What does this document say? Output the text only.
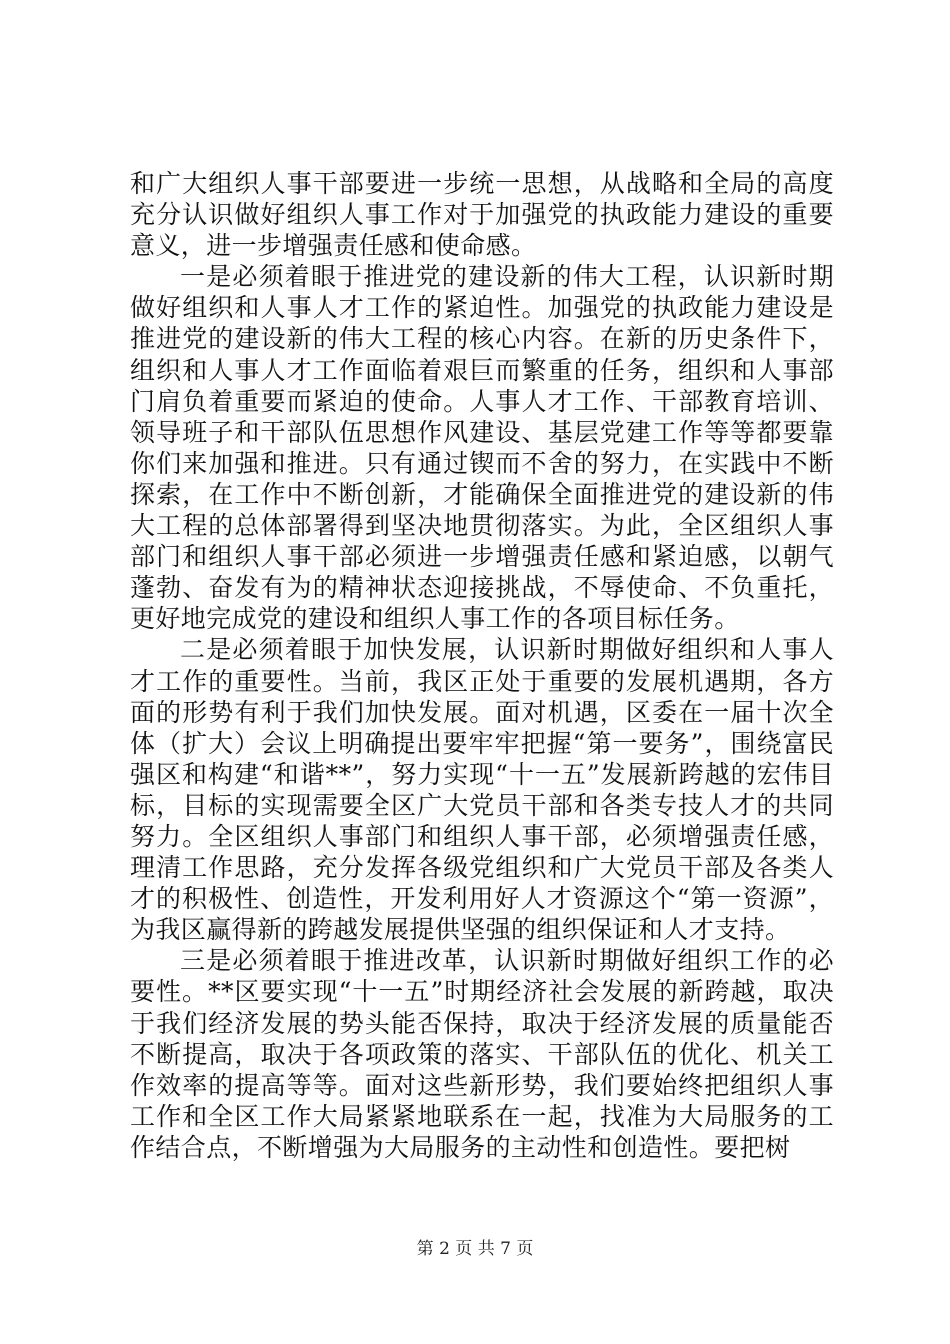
和广大组织人事干部要进一步统一思想，从战略和全局的高度充分认识做好组织人事工作对于加强党的执政能力建设的重要意义，进一步增强责任感和使命感。

一是必须着眼于推进党的建设新的伟大工程，认识新时期做好组织和人事人才工作的紧迫性。加强党的执政能力建设是推进党的建设新的伟大工程的核心内容。在新的历史条件下，组织和人事人才工作面临着艰巨而繁重的任务，组织和人事部门肩负着重要而紧迫的使命。人事人才工作、干部教育培训、领导班子和干部队伍思想作风建设、基层党建工作等等都要靠你们来加强和推进。只有通过锲而不舍的努力，在实践中不断探索，在工作中不断创新，才能确保全面推进党的建设新的伟大工程的总体部署得到坚决地贯彻落实。为此，全区组织人事部门和组织人事干部必须进一步增强责任感和紧迫感，以朝气蓬勃、奋发有为的精神状态迎接挑战，不辱使命、不负重托，更好地完成党的建设和组织人事工作的各项目标任务。

二是必须着眼于加快发展，认识新时期做好组织和人事人才工作的重要性。当前，我区正处于重要的发展机遇期，各方面的形势有利于我们加快发展。面对机遇，区委在一届十次全体（扩大）会议上明确提出要牢牢把握“第一要务”，围绕富民强区和构建“和谐**”，努力实现“十一五”发展新跨越的宏伟目标，目标的实现需要全区广大党员干部和各类专技人才的共同努力。全区组织人事部门和组织人事干部，必须增强责任感，理清工作思路，充分发挥各级党组织和广大党员干部及各类人才的积极性、创造性，开发利用好人才资源这个“第一资源”，为我区赢得新的跨越发展提供坚强的组织保证和人才支持。

三是必须着眼于推进改革，认识新时期做好组织工作的必要性。**区要实现“十一五”时期经济社会发展的新跨越，取决于我们经济发展的势头能否保持，取决于经济发展的质量能否不断提高，取决于各项政策的落实、干部队伍的优化、机关工作效率的提高等等。面对这些新形势，我们要始终把组织人事工作和全区工作大局紧紧地联系在一起，找准为大局服务的工作结合点，不断增强为大局服务的主动性和创造性。要把树

第 2 页 共 7 页
